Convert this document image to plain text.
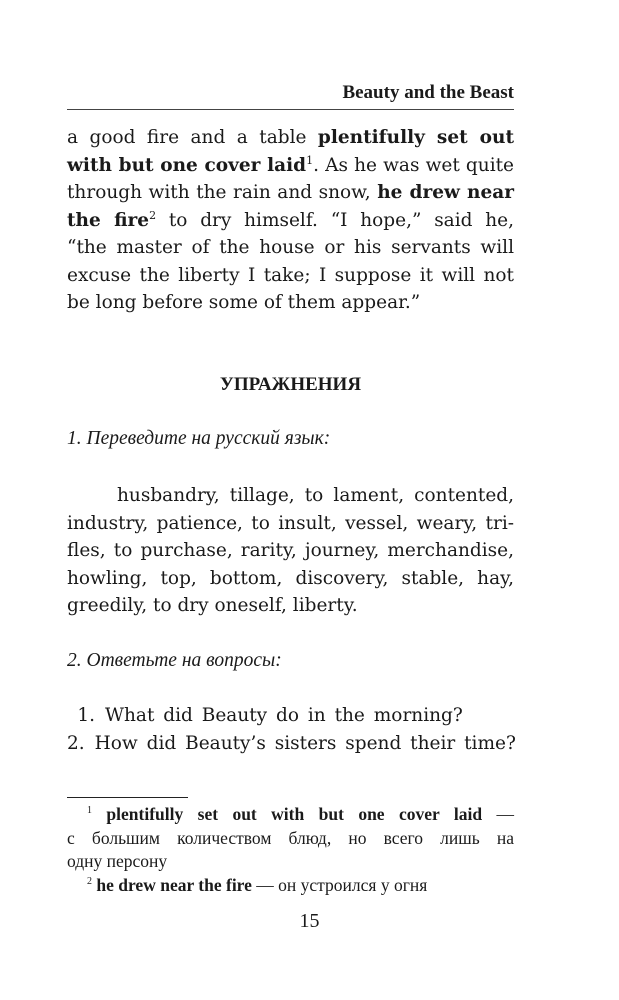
Beauty and the Beast
a good fire and a table plentifully set out
with but one cover laid$^1$. As he was wet quite
through with the rain and snow, he drew near
the fire$^2$ to dry himself. “I hope,” said he,
“the master of the house or his servants will
excuse the liberty I take; I suppose it will not
be long before some of them appear.”
УПРАЖНЕНИЯ
1. Переведите на русский язык:
husbandry, tillage, to lament, contented,
industry, patience, to insult, vessel, weary, tri-
fles, to purchase, rarity, journey, merchandise,
howling, top, bottom, discovery, stable, hay,
greedily, to dry oneself, liberty.
2. Ответьте на вопросы:
1. What did Beauty do in the morning?
2. How did Beauty’s sisters spend their time?
$^1$ plentifully set out with but one cover laid —
с большим количеством блюд, но всего лишь на
одну персону
$^2$ he drew near the fire — он устроился у огня
15
